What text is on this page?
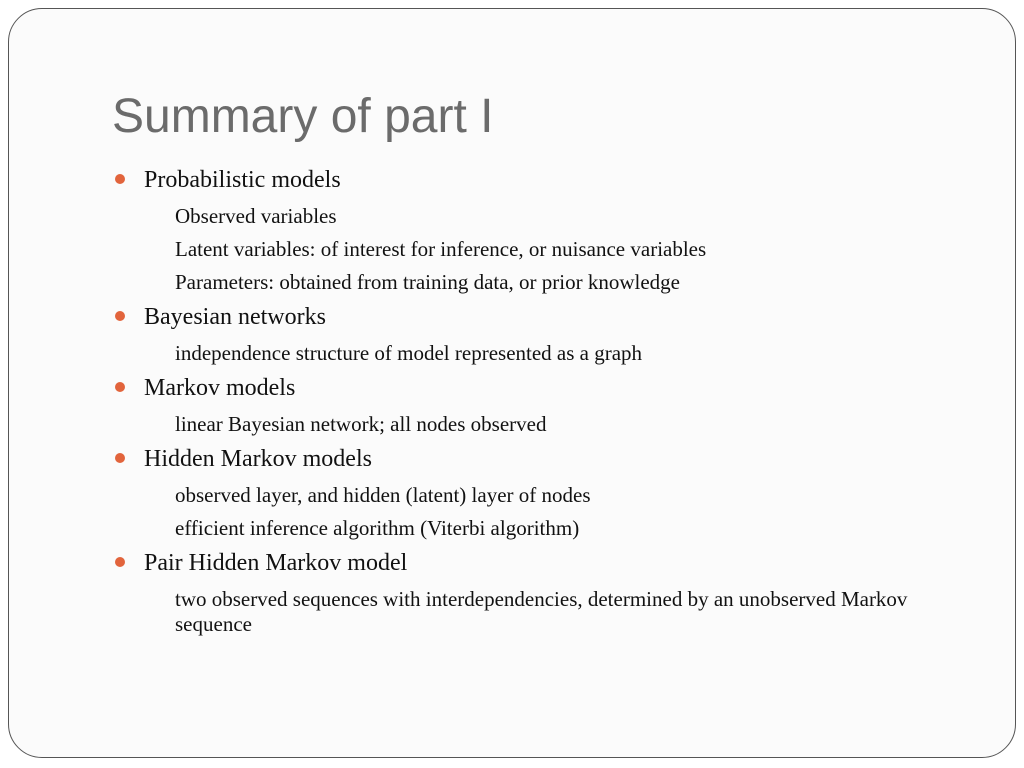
Summary of part I
Probabilistic models
Observed variables
Latent variables: of interest for inference, or nuisance variables
Parameters: obtained from training data, or prior knowledge
Bayesian networks
independence structure of model represented as a graph
Markov models
linear Bayesian network; all nodes observed
Hidden Markov models
observed layer, and hidden (latent) layer of nodes
efficient inference algorithm (Viterbi algorithm)
Pair Hidden Markov model
two observed sequences with interdependencies, determined by an unobserved Markov sequence
